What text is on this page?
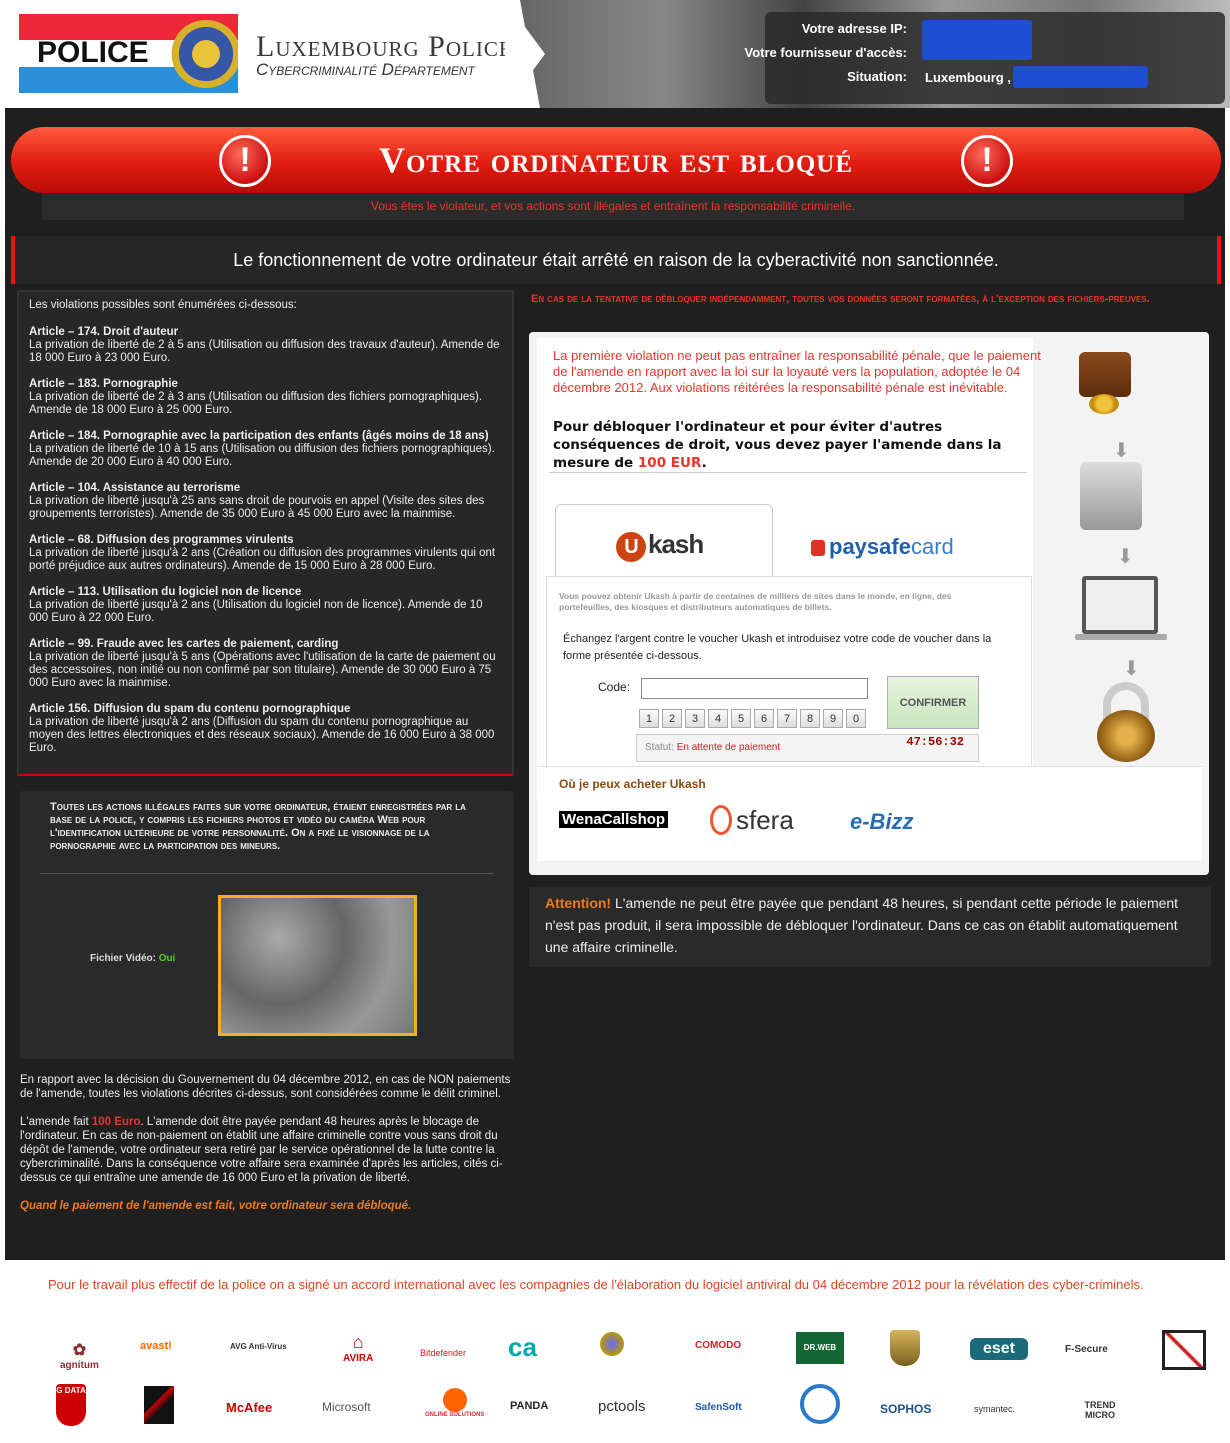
POLICE	Luxembourg Police
Cybercriminalité Département
Votre adresse IP:
Votre fournisseur d'accès:
Situation: Luxembourg ,
!	Votre ordinateur est bloqué	!
Vous êtes le violateur, et vos actions sont illégales et entraînent la responsabilité criminelle.
Le fonctionnement de votre ordinateur était arrêté en raison de la cyberactivité non sanctionnée.
Les violations possibles sont énumérées ci-dessous:
Article – 174. Droit d'auteur
La privation de liberté de 2 à 5 ans (Utilisation ou diffusion des travaux d'auteur). Amende de 18 000 Euro à 23 000 Euro.
Article – 183. Pornographie
La privation de liberté de 2 à 3 ans (Utilisation ou diffusion des fichiers pornographiques). Amende de 18 000 Euro à 25 000 Euro.
Article – 184. Pornographie avec la participation des enfants (âgés moins de 18 ans)
La privation de liberté de 10 à 15 ans (Utilisation ou diffusion des fichiers pornographiques). Amende de 20 000 Euro à 40 000 Euro.
Article – 104. Assistance au terrorisme
La privation de liberté jusqu'à 25 ans sans droit de pourvois en appel (Visite des sites des groupements terroristes). Amende de 35 000 Euro à 45 000 Euro avec la mainmise.
Article – 68. Diffusion des programmes virulents
La privation de liberté jusqu'à 2 ans (Création ou diffusion des programmes virulents qui ont porté préjudice aux autres ordinateurs). Amende de 15 000 Euro à 28 000 Euro.
Article – 113. Utilisation du logiciel non de licence
La privation de liberté jusqu'à 2 ans (Utilisation du logiciel non de licence). Amende de 10 000 Euro à 22 000 Euro.
Article – 99. Fraude avec les cartes de paiement, carding
La privation de liberté jusqu'à 5 ans (Opérations avec l'utilisation de la carte de paiement ou des accessoires, non initié ou non confirmé par son titulaire). Amende de 30 000 Euro à 75 000 Euro avec la mainmise.
Article 156. Diffusion du spam du contenu pornographique
La privation de liberté jusqu'à 2 ans (Diffusion du spam du contenu pornographique au moyen des lettres électroniques et des réseaux sociaux). Amende de 16 000 Euro à 38 000 Euro.
Toutes les actions illégales faites sur votre ordinateur, étaient enregistrées par la base de la police, y compris les fichiers photos et vidéo du caméra Web pour l'identification ultérieure de votre personnalité. On a fixé le visionnage de la pornographie avec la participation des mineurs.
Fichier Vidéo: Oui

En rapport avec la décision du Gouvernement du 04 décembre 2012, en cas de NON paiements de l'amende, toutes les violations décrites ci-dessus, sont considérées comme le délit criminel.

L'amende fait 100 Euro. L'amende doit être payée pendant 48 heures après le blocage de l'ordinateur. En cas de non-paiement on établit une affaire criminelle contre vous sans droit du dépôt de l'amende, votre ordinateur sera retiré par le service opérationnel de la lutte contre la cybercriminalité. Dans la conséquence votre affaire sera examinée d'après les articles, cités ci-dessus ce qui entraîne une amende de 16 000 Euro et la privation de liberté.

Quand le paiement de l'amende est fait, votre ordinateur sera débloqué.

En cas de la tentative de débloquer indépendamment, toutes vos données seront formatées, à l'exception des fichiers-preuves.
La première violation ne peut pas entraîner la responsabilité pénale, que le paiement de l'amende en rapport avec la loi sur la loyauté vers la population, adoptée le 04 décembre 2012. Aux violations réitérées la responsabilité pénale est inévitable.
Pour débloquer l'ordinateur et pour éviter d'autres conséquences de droit, vous devez payer l'amende dans la mesure de 100 EUR.
U kash	paysafecard
Vous pouvez obtenir Ukash à partir de centaines de milliers de sites dans le monde, en ligne, des portefeuilles, des kiosques et distributeurs automatiques de billets.
Échangez l'argent contre le voucher Ukash et introduisez votre code de voucher dans la forme présentée ci-dessous.
Code:
1	2	3	4	5	6	7	8	9	0
CONFIRMER
Statut: En attente de paiement	47:56:32
Où je peux acheter Ukash
WenaCallshop	sfera	e-Bizz
⬇
⬇
⬇
Attention! L'amende ne peut être payée que pendant 48 heures, si pendant cette période le paiement n'est pas produit, il sera impossible de débloquer l'ordinateur. Dans ce cas on établit automatiquement une affaire criminelle.
Pour le travail plus effectif de la police on a signé un accord international avec les compagnies de l'élaboration du logiciel antiviral du 04 décembre 2012 pour la révélation des cyber-criminels.
✿
agnitum
avast!	AVG Anti-Virus	⌂
AVIRA	Bitdefender ca	COMODO	DR.WEB	eset	F-Secure
G DATA
McAfee	Microsoft
ONLINE SOLUTIONS
PANDA	pctools	SafenSoft	SOPHOS	symantec.	TREND MICRO
